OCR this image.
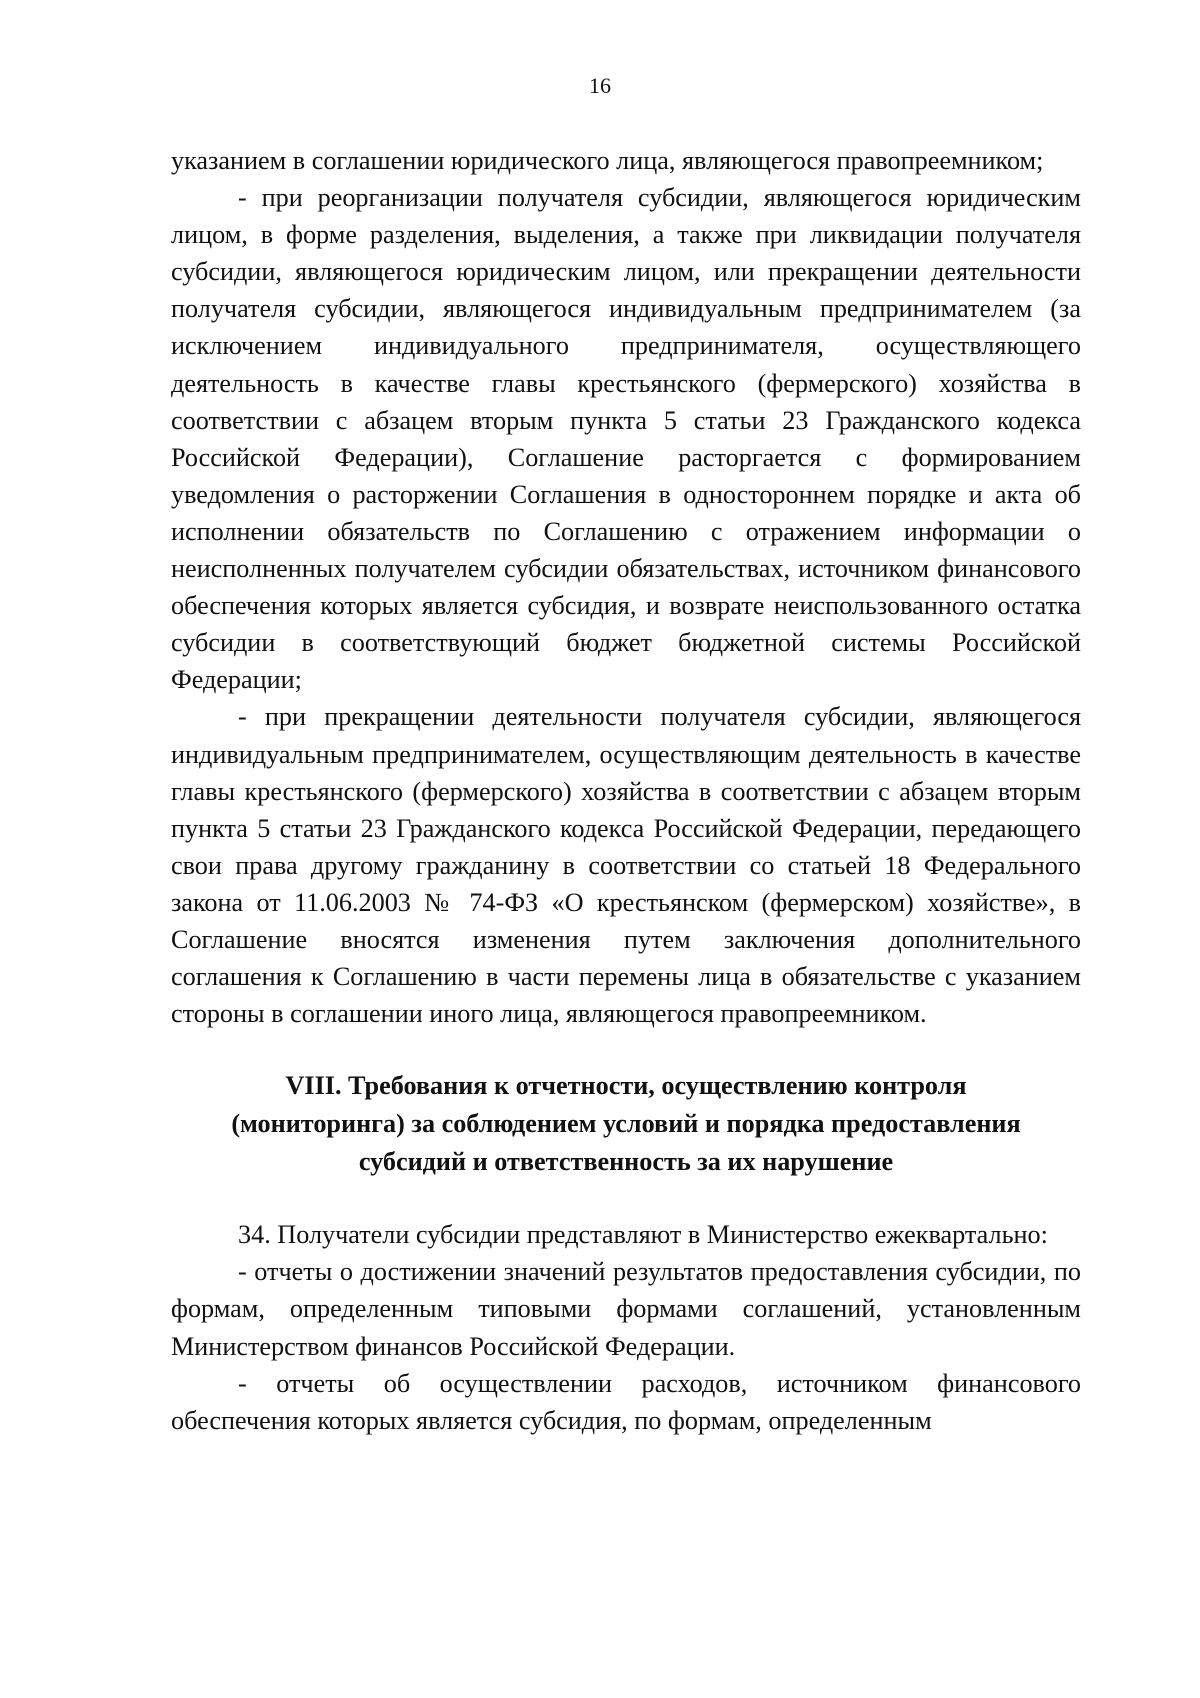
16

указанием в соглашении юридического лица, являющегося правопреемником;

- при реорганизации получателя субсидии, являющегося юридическим лицом, в форме разделения, выделения, а также при ликвидации получателя субсидии, являющегося юридическим лицом, или прекращении деятельности получателя субсидии, являющегося индивидуальным предпринимателем (за исключением индивидуального предпринимателя, осуществляющего деятельность в качестве главы крестьянского (фермерского) хозяйства в соответствии с абзацем вторым пункта 5 статьи 23 Гражданского кодекса Российской Федерации), Соглашение расторгается с формированием уведомления о расторжении Соглашения в одностороннем порядке и акта об исполнении обязательств по Соглашению с отражением информации о неисполненных получателем субсидии обязательствах, источником финансового обеспечения которых является субсидия, и возврате неиспользованного остатка субсидии в соответствующий бюджет бюджетной системы Российской Федерации;

- при прекращении деятельности получателя субсидии, являющегося индивидуальным предпринимателем, осуществляющим деятельность в качестве главы крестьянского (фермерского) хозяйства в соответствии с абзацем вторым пункта 5 статьи 23 Гражданского кодекса Российской Федерации, передающего свои права другому гражданину в соответствии со статьей 18 Федерального закона от 11.06.2003 № 74-ФЗ «О крестьянском (фермерском) хозяйстве», в Соглашение вносятся изменения путем заключения дополнительного соглашения к Соглашению в части перемены лица в обязательстве с указанием стороны в соглашении иного лица, являющегося правопреемником.

VIII. Требования к отчетности, осуществлению контроля
(мониторинга) за соблюдением условий и порядка предоставления
субсидий и ответственность за их нарушение

34. Получатели субсидии представляют в Министерство ежеквартально:

- отчеты о достижении значений результатов предоставления субсидии, по формам, определенным типовыми формами соглашений, установленным Министерством финансов Российской Федерации.

- отчеты об осуществлении расходов, источником финансового обеспечения которых является субсидия, по формам, определенным
